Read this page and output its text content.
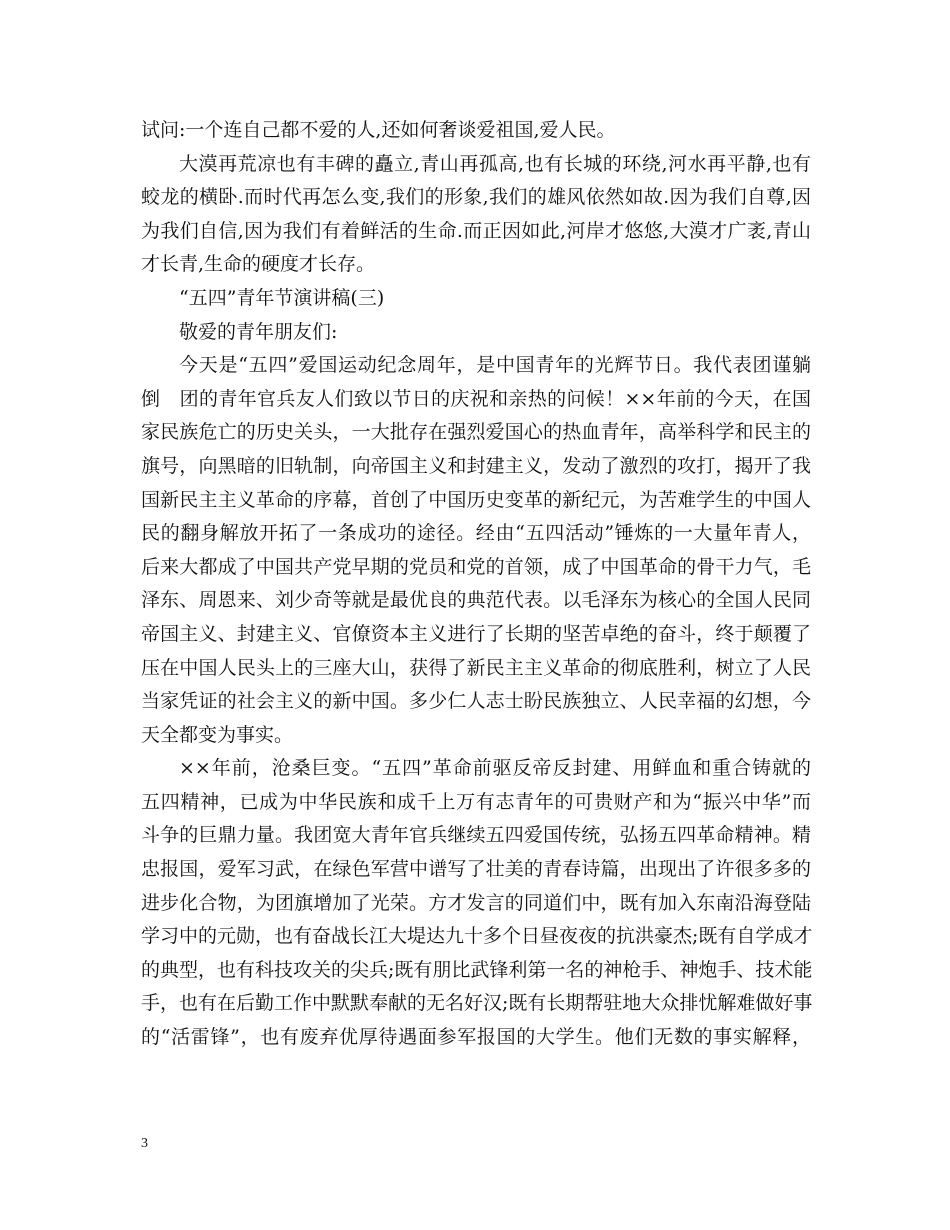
试问:一个连自己都不爱的人,还如何奢谈爱祖国,爱人民。
大漠再荒凉也有丰碑的矗立,青山再孤高,也有长城的环绕,河水再平静,也有
蛟龙的横卧.而时代再怎么变,我们的形象,我们的雄风依然如故.因为我们自尊,因
为我们自信,因为我们有着鲜活的生命.而正因如此,河岸才悠悠,大漠才广袤,青山
才长青,生命的硬度才长存。
“五四”青年节演讲稿(三)
敬爱的青年朋友们:
今天是“五四”爱国运动纪念周年，是中国青年的光辉节日。我代表团谨躺
倒　团的青年官兵友人们致以节日的庆祝和亲热的问候！××年前的今天，在国
家民族危亡的历史关头，一大批存在强烈爱国心的热血青年，高举科学和民主的
旗号，向黑暗的旧轨制，向帝国主义和封建主义，发动了激烈的攻打，揭开了我
国新民主主义革命的序幕，首创了中国历史变革的新纪元，为苦难学生的中国人
民的翻身解放开拓了一条成功的途径。经由“五四活动”锤炼的一大量年青人，
后来大都成了中国共产党早期的党员和党的首领，成了中国革命的骨干力气，毛
泽东、周恩来、刘少奇等就是最优良的典范代表。以毛泽东为核心的全国人民同
帝国主义、封建主义、官僚资本主义进行了长期的坚苦卓绝的奋斗，终于颠覆了
压在中国人民头上的三座大山，获得了新民主主义革命的彻底胜利，树立了人民
当家凭证的社会主义的新中国。多少仁人志士盼民族独立、人民幸福的幻想，今
天全都变为事实。
××年前，沧桑巨变。“五四”革命前驱反帝反封建、用鲜血和重合铸就的
五四精神，已成为中华民族和成千上万有志青年的可贵财产和为“振兴中华”而
斗争的巨鼎力量。我团宽大青年官兵继续五四爱国传统，弘扬五四革命精神。精
忠报国，爱军习武，在绿色军营中谱写了壮美的青春诗篇，出现出了许很多多的
进步化合物，为团旗增加了光荣。方才发言的同道们中，既有加入东南沿海登陆
学习中的元勋，也有奋战长江大堤达九十多个日昼夜夜的抗洪豪杰;既有自学成才
的典型，也有科技攻关的尖兵;既有朋比武锋利第一名的神枪手、神炮手、技术能
手，也有在后勤工作中默默奉献的无名好汉;既有长期帮驻地大众排忧解难做好事
的“活雷锋”，也有废弃优厚待遇面参军报国的大学生。他们无数的事实解释，
3
